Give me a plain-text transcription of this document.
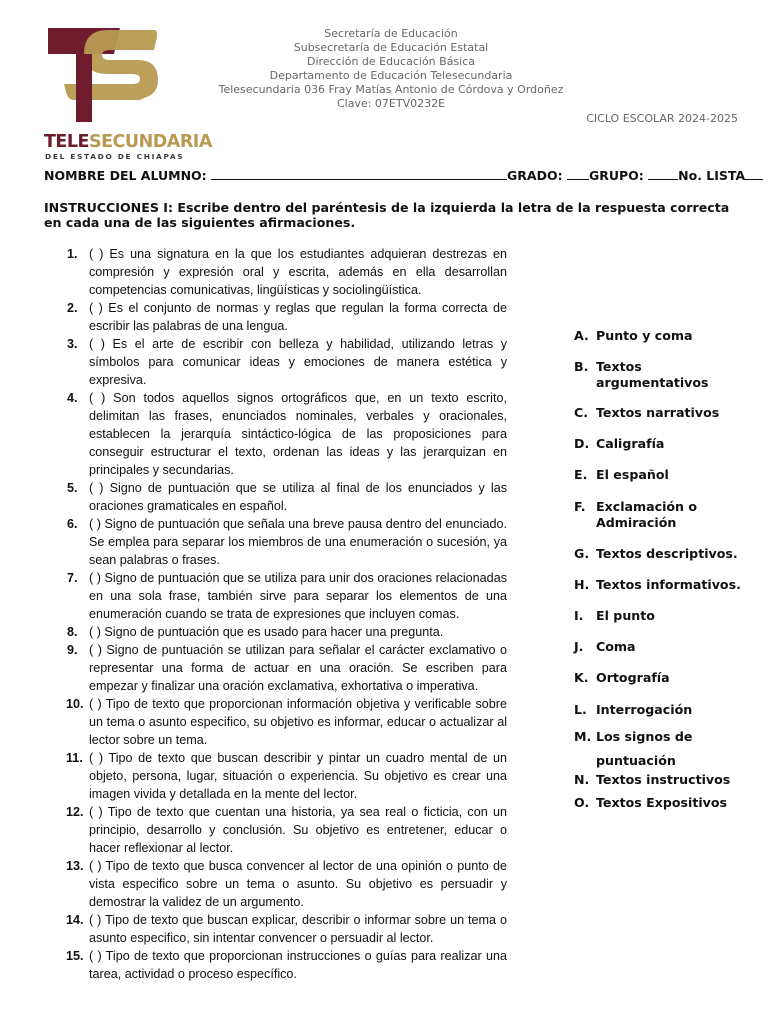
TELESECUNDARIA
DEL ESTADO DE CHIAPAS
Secretaría de Educación
Subsecretaría de Educación Estatal
Dirección de Educación Básica
Departamento de Educación Telesecundaria
Telesecundaria 036 Fray Matías Antonio de Córdova y Ordoñez
Clave: 07ETV0232E
CICLO ESCOLAR 2024-2025
NOMBRE DEL ALUMNO:	GRADO: GRUPO:	No. LISTA
INSTRUCCIONES I: Escribe dentro del paréntesis de la izquierda la letra de la respuesta correcta en cada una de las siguientes afirmaciones.
1. ( ) Es una signatura en la que los estudiantes adquieran destrezas en compresión y expresión oral y escrita, además en ella desarrollan competencias comunicativas, lingüísticas y sociolingüística.
2. ( ) Es el conjunto de normas y reglas que regulan la forma correcta de escribir las palabras de una lengua.
3. ( ) Es el arte de escribir con belleza y habilidad, utilizando letras y símbolos para comunicar ideas y emociones de manera estética y expresiva.
4. ( ) Son todos aquellos signos ortográficos que, en un texto escrito, delimitan las frases, enunciados nominales, verbales y oracionales, establecen la jerarquía sintáctico-lógica de las proposiciones para conseguir estructurar el texto, ordenan las ideas y las jerarquizan en principales y secundarias.
5. ( ) Signo de puntuación que se utiliza al final de los enunciados y las oraciones gramaticales en español.
6. ( ) Signo de puntuación que señala una breve pausa dentro del enunciado. Se emplea para separar los miembros de una enumeración o sucesión, ya sean palabras o frases.
7. ( ) Signo de puntuación que se utiliza para unir dos oraciones relacionadas en una sola frase, también sirve para separar los elementos de una enumeración cuando se trata de expresiones que incluyen comas.
8. ( ) Signo de puntuación que es usado para hacer una pregunta.
9. ( ) Signo de puntuación se utilizan para señalar el carácter exclamativo o representar una forma de actuar en una oración. Se escriben para empezar y finalizar una oración exclamativa, exhortativa o imperativa.
10. ( ) Tipo de texto que proporcionan información objetiva y verificable sobre un tema o asunto especifico, su objetivo es informar, educar o actualizar al lector sobre un tema.
11. ( ) Tipo de texto que buscan describir y pintar un cuadro mental de un objeto, persona, lugar, situación o experiencia. Su objetivo es crear una imagen vivida y detallada en la mente del lector.
12. ( ) Tipo de texto que cuentan una historia, ya sea real o ficticia, con un principio, desarrollo y conclusión. Su objetivo es entretener, educar o hacer reflexionar al lector.
13. ( ) Tipo de texto que busca convencer al lector de una opinión o punto de vista especifico sobre un tema o asunto. Su objetivo es persuadir y demostrar la validez de un argumento.
14. ( ) Tipo de texto que buscan explicar, describir o informar sobre un tema o asunto especifico, sin intentar convencer o persuadir al lector.
15. ( ) Tipo de texto que proporcionan instrucciones o guías para realizar una tarea, actividad o proceso específico.
A. Punto y coma
B. Textos
argumentativos
C. Textos narrativos
D. Caligrafía
E. El español
F. Exclamación o
Admiración
G. Textos descriptivos.
H. Textos informativos.
I. El punto
J. Coma
K. Ortografía
L. Interrogación
M. Los signos de
puntuación
N. Textos instructivos
O. Textos Expositivos
